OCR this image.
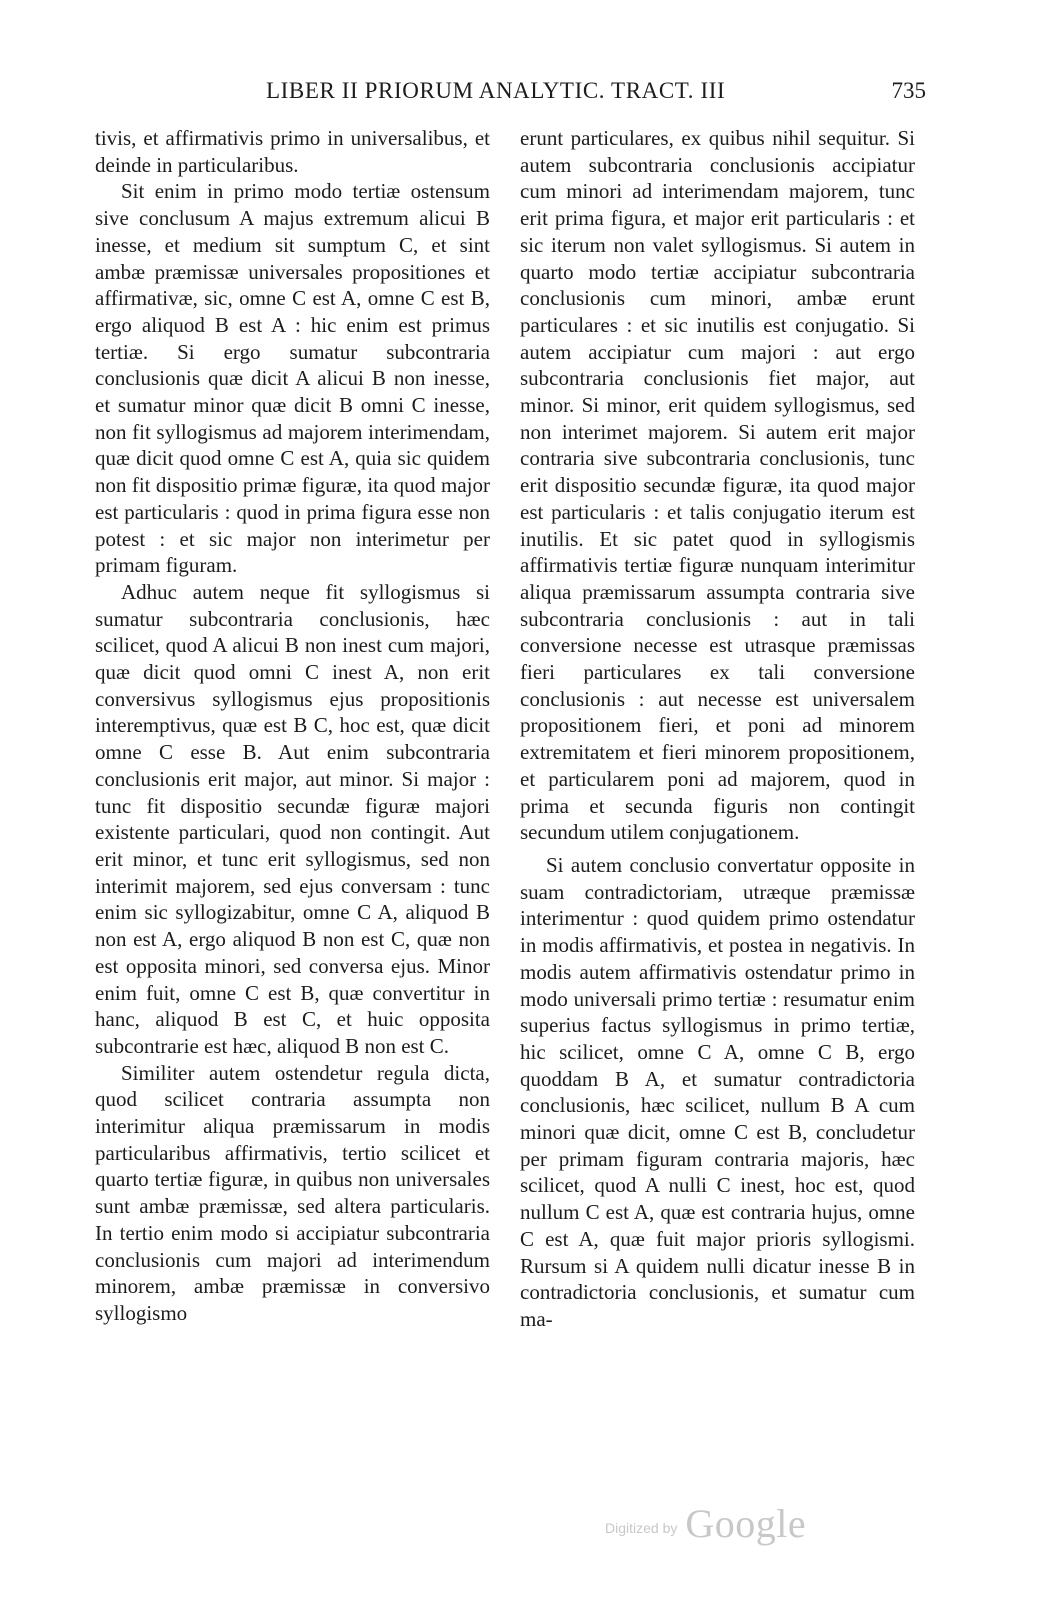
LIBER II PRIORUM ANALYTIC. TRACT. III	735

tivis, et affirmativis primo in universalibus, et deinde in particularibus.

Sit enim in primo modo tertiæ ostensum sive conclusum A majus extremum alicui B inesse, et medium sit sumptum C, et sint ambæ præmissæ universales propositiones et affirmativæ, sic, omne C est A, omne C est B, ergo aliquod B est A : hic enim est primus tertiæ. Si ergo sumatur subcontraria conclusionis quæ dicit A alicui B non inesse, et sumatur minor quæ dicit B omni C inesse, non fit syllogismus ad majorem interimendam, quæ dicit quod omne C est A, quia sic quidem non fit dispositio primæ figuræ, ita quod major est particularis : quod in prima figura esse non potest : et sic major non interimetur per primam figuram.

Adhuc autem neque fit syllogismus si sumatur subcontraria conclusionis, hæc scilicet, quod A alicui B non inest cum majori, quæ dicit quod omni C inest A, non erit conversivus syllogismus ejus propositionis interemptivus, quæ est B C, hoc est, quæ dicit omne C esse B. Aut enim subcontraria conclusionis erit major, aut minor. Si major : tunc fit dispositio secundæ figuræ majori existente particulari, quod non contingit. Aut erit minor, et tunc erit syllogismus, sed non interimit majorem, sed ejus conversam : tunc enim sic syllogizabitur, omne C A, aliquod B non est A, ergo aliquod B non est C, quæ non est opposita minori, sed conversa ejus. Minor enim fuit, omne C est B, quæ convertitur in hanc, aliquod B est C, et huic opposita subcontrarie est hæc, aliquod B non est C.

Similiter autem ostendetur regula dicta, quod scilicet contraria assumpta non interimitur aliqua præmissarum in modis particularibus affirmativis, tertio scilicet et quarto tertiæ figuræ, in quibus non universales sunt ambæ præmissæ, sed altera particularis. In tertio enim modo si accipiatur subcontraria conclusionis cum majori ad interimendum minorem, ambæ præmissæ in conversivo syllogismo

erunt particulares, ex quibus nihil sequitur. Si autem subcontraria conclusionis accipiatur cum minori ad interimendam majorem, tunc erit prima figura, et major erit particularis : et sic iterum non valet syllogismus. Si autem in quarto modo tertiæ accipiatur subcontraria conclusionis cum minori, ambæ erunt particulares : et sic inutilis est conjugatio. Si autem accipiatur cum majori : aut ergo subcontraria conclusionis fiet major, aut minor. Si minor, erit quidem syllogismus, sed non interimet majorem. Si autem erit major contraria sive subcontraria conclusionis, tunc erit dispositio secundæ figuræ, ita quod major est particularis : et talis conjugatio iterum est inutilis. Et sic patet quod in syllogismis affirmativis tertiæ figuræ nunquam interimitur aliqua præmissarum assumpta contraria sive subcontraria conclusionis : aut in tali conversione necesse est utrasque præmissas fieri particulares ex tali conversione conclusionis : aut necesse est universalem propositionem fieri, et poni ad minorem extremitatem et fieri minorem propositionem, et particularem poni ad majorem, quod in prima et secunda figuris non contingit secundum utilem conjugationem.

Si autem conclusio convertatur opposite in suam contradictoriam, utræque præmissæ interimentur : quod quidem primo ostendatur in modis affirmativis, et postea in negativis. In modis autem affirmativis ostendatur primo in modo universali primo tertiæ : resumatur enim superius factus syllogismus in primo tertiæ, hic scilicet, omne C A, omne C B, ergo quoddam B A, et sumatur contradictoria conclusionis, hæc scilicet, nullum B A cum minori quæ dicit, omne C est B, concludetur per primam figuram contraria majoris, hæc scilicet, quod A nulli C inest, hoc est, quod nullum C est A, quæ est contraria hujus, omne C est A, quæ fuit major prioris syllogismi. Rursum si A quidem nulli dicatur inesse B in contradictoria conclusionis, et sumatur cum ma-

Digitized by Google
